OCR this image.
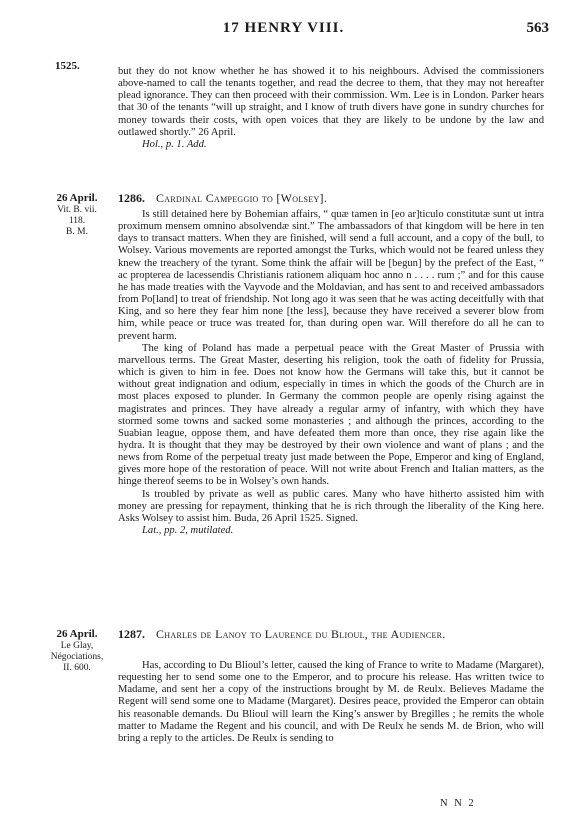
17 HENRY VIII.	563
1525.	but they do not know whether he has showed it to his neighbours. Advised the commissioners above-named to call the tenants together, and read the decree to them, that they may not hereafter plead ignorance. They can then proceed with their commission. Wm. Lee is in London. Parker hears that 30 of the tenants “will up straight, and I know of truth divers have gone in sundry churches for money towards their costs, with open voices that they are likely to be undone by the law and outlawed shortly.” 26 April.

Hol., p. 1. Add.

26 April.
Vit. B. vii.
118.
B. M.
1286. Cardinal Campeggio to [Wolsey].

Is still detained here by Bohemian affairs, “ quæ tamen in [eo ar]ticulo constitutæ sunt ut intra proximum mensem omnino absolvendæ sint.” The ambassadors of that kingdom will be here in ten days to transact matters. When they are finished, will send a full account, and a copy of the bull, to Wolsey. Various movements are reported amongst the Turks, which would not be feared unless they knew the treachery of the tyrant. Some think the affair will be [begun] by the prefect of the East, “ ac propterea de lacessendis Christianis rationem aliquam hoc anno n . . . . rum ;” and for this cause he has made treaties with the Vayvode and the Moldavian, and has sent to and received ambassadors from Po[land] to treat of friendship. Not long ago it was seen that he was acting deceitfully with that King, and so here they fear him none [the less], because they have received a severer blow from him, while peace or truce was treated for, than during open war. Will therefore do all he can to prevent harm.

The king of Poland has made a perpetual peace with the Great Master of Prussia with marvellous terms. The Great Master, deserting his religion, took the oath of fidelity for Prussia, which is given to him in fee. Does not know how the Germans will take this, but it cannot be without great indignation and odium, especially in times in which the goods of the Church are in most places exposed to plunder. In Germany the common people are openly rising against the magistrates and princes. They have already a regular army of infantry, with which they have stormed some towns and sacked some monasteries ; and although the princes, according to the Suabian league, oppose them, and have defeated them more than once, they rise again like the hydra. It is thought that they may be destroyed by their own violence and want of plans ; and the news from Rome of the perpetual treaty just made between the Pope, Emperor and king of England, gives more hope of the restoration of peace. Will not write about French and Italian matters, as the hinge thereof seems to be in Wolsey’s own hands.

Is troubled by private as well as public cares. Many who have hitherto assisted him with money are pressing for repayment, thinking that he is rich through the liberality of the King here. Asks Wolsey to assist him. Buda, 26 April 1525. Signed.

Lat., pp. 2, mutilated.

26 April.
Le Glay,
Négociations,
II. 600.
1287. Charles de Lanoy to Laurence du Blioul, the Audiencer.

Has, according to Du Blioul’s letter, caused the king of France to write to Madame (Margaret), requesting her to send some one to the Emperor, and to procure his release. Has written twice to Madame, and sent her a copy of the instructions brought by M. de Reulx. Believes Madame the Regent will send some one to Madame (Margaret). Desires peace, provided the Emperor can obtain his reasonable demands. Du Blioul will learn the King’s answer by Bregilles ; he remits the whole matter to Madame the Regent and his council, and with De Reulx he sends M. de Brion, who will bring a reply to the articles. De Reulx is sending to

N N 2
